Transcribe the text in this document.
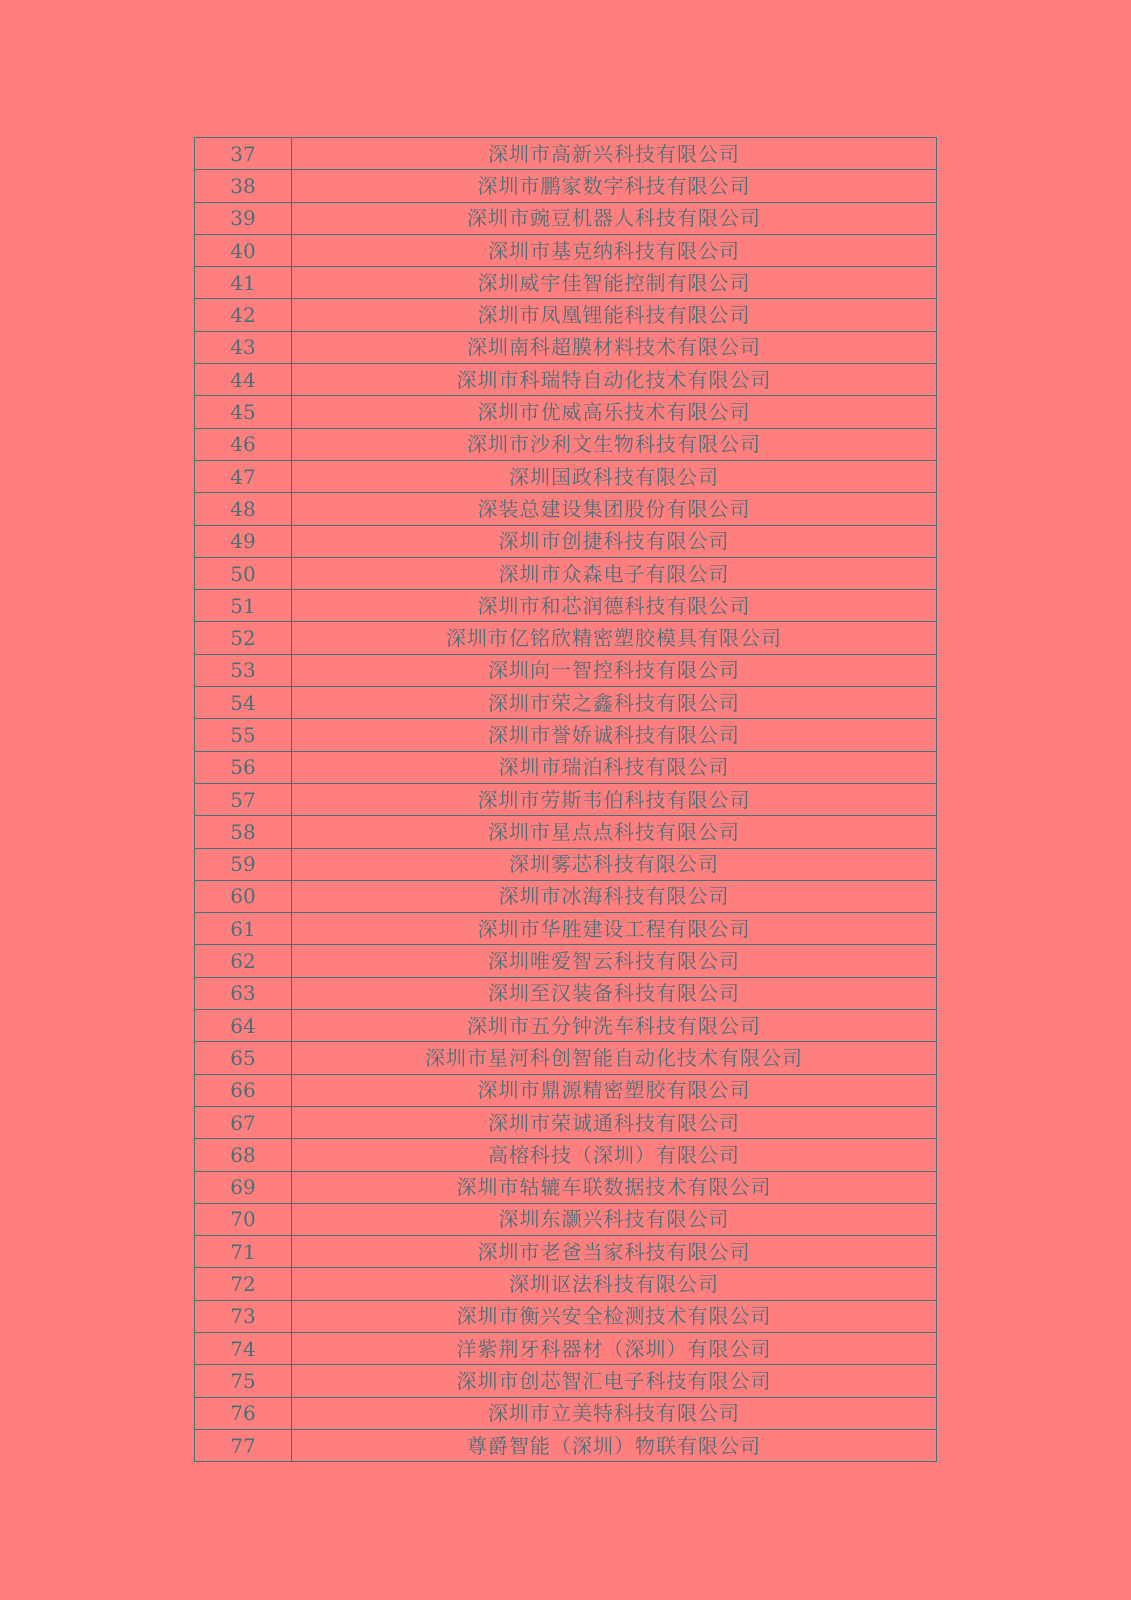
37	深圳市高新兴科技有限公司
38	深圳市鹏家数字科技有限公司
39	深圳市豌豆机器人科技有限公司
40	深圳市基克纳科技有限公司
41	深圳威宇佳智能控制有限公司
42	深圳市凤凰锂能科技有限公司
43	深圳南科超膜材料技术有限公司
44	深圳市科瑞特自动化技术有限公司
45	深圳市优威高乐技术有限公司
46	深圳市沙利文生物科技有限公司
47	深圳国政科技有限公司
48	深装总建设集团股份有限公司
49	深圳市创捷科技有限公司
50	深圳市众森电子有限公司
51	深圳市和芯润德科技有限公司
52	深圳市亿铭欣精密塑胶模具有限公司
53	深圳向一智控科技有限公司
54	深圳市荣之鑫科技有限公司
55	深圳市誉娇诚科技有限公司
56	深圳市瑞泊科技有限公司
57	深圳市劳斯韦伯科技有限公司
58	深圳市星点点科技有限公司
59	深圳雾芯科技有限公司
60	深圳市冰海科技有限公司
61	深圳市华胜建设工程有限公司
62	深圳唯爱智云科技有限公司
63	深圳至汉装备科技有限公司
64	深圳市五分钟洗车科技有限公司
65	深圳市星河科创智能自动化技术有限公司
66	深圳市鼎源精密塑胶有限公司
67	深圳市荣诚通科技有限公司
68	高榕科技（深圳）有限公司
69	深圳市轱辘车联数据技术有限公司
70	深圳东灏兴科技有限公司
71	深圳市老爸当家科技有限公司
72	深圳讴法科技有限公司
73	深圳市衡兴安全检测技术有限公司
74	洋紫荆牙科器材（深圳）有限公司
75	深圳市创芯智汇电子科技有限公司
76	深圳市立美特科技有限公司
77	尊爵智能（深圳）物联有限公司
